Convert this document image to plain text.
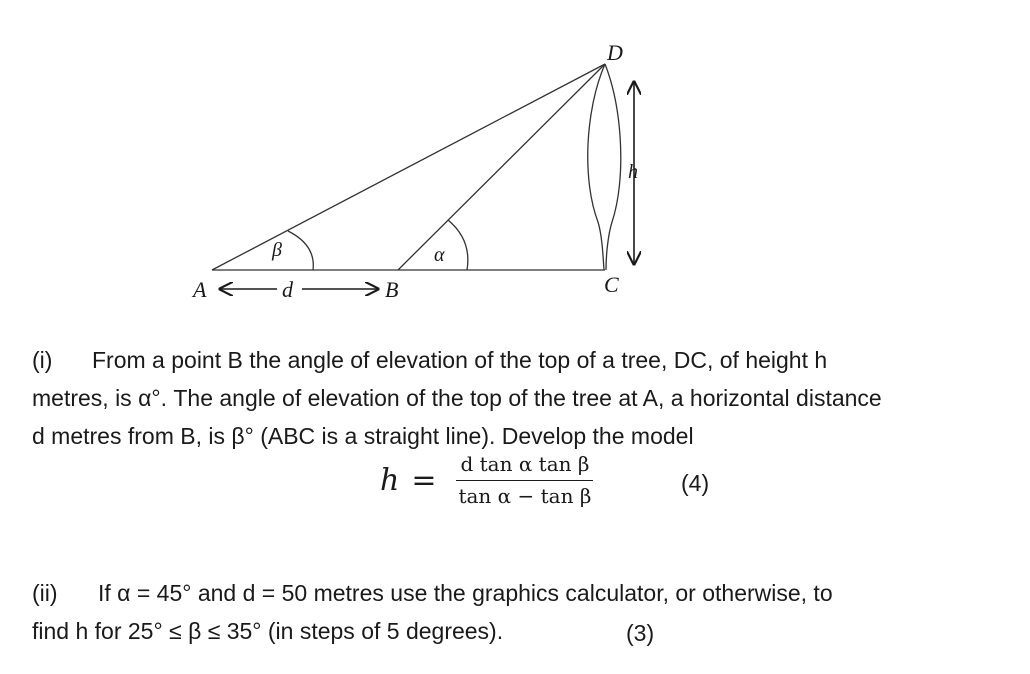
A	B	C
D
d
h
β	α

(i) From a point B the angle of elevation of the top of a tree, DC, of height h

metres, is α°. The angle of elevation of the top of the tree at A, a horizontal distance

d metres from B, is β° (ABC is a straight line). Develop the model

$h = \frac{\text{d tan α tan β}}{\text{tan α − tan β}}$	(4)

(ii) If α = 45° and d = 50 metres use the graphics calculator, or otherwise, to

find h for 25° ≤ β ≤ 35° (in steps of 5 degrees).	(3)
